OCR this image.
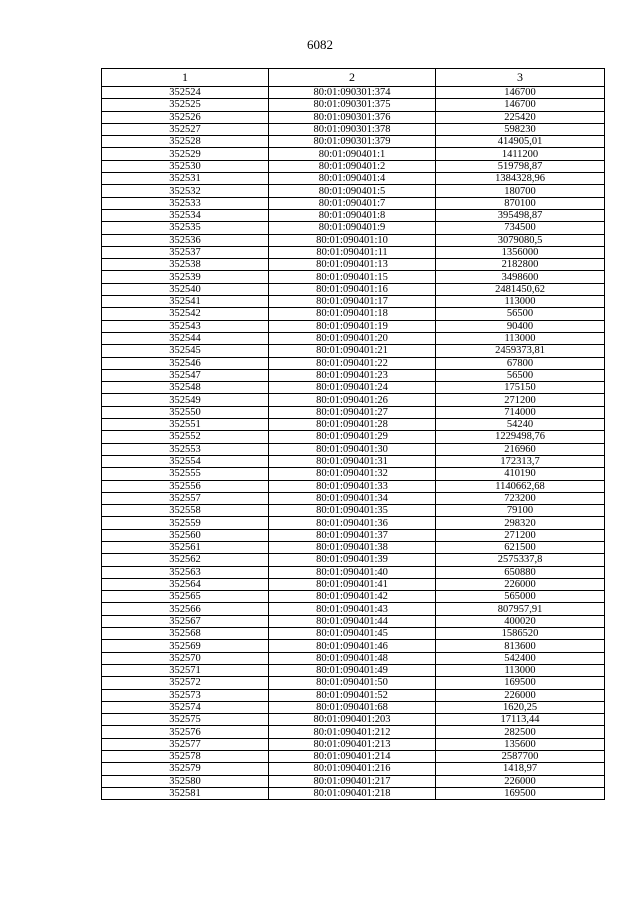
6082
1	2	3
352524	80:01:090301:374	146700
352525	80:01:090301:375	146700
352526	80:01:090301:376	225420
352527	80:01:090301:378	598230
352528	80:01:090301:379	414905,01
352529	80:01:090401:1	1411200
352530	80:01:090401:2	519798,87
352531	80:01:090401:4	1384328,96
352532	80:01:090401:5	180700
352533	80:01:090401:7	870100
352534	80:01:090401:8	395498,87
352535	80:01:090401:9	734500
352536	80:01:090401:10	3079080,5
352537	80:01:090401:11	1356000
352538	80:01:090401:13	2182800
352539	80:01:090401:15	3498600
352540	80:01:090401:16	2481450,62
352541	80:01:090401:17	113000
352542	80:01:090401:18	56500
352543	80:01:090401:19	90400
352544	80:01:090401:20	113000
352545	80:01:090401:21	2459373,81
352546	80:01:090401:22	67800
352547	80:01:090401:23	56500
352548	80:01:090401:24	175150
352549	80:01:090401:26	271200
352550	80:01:090401:27	714000
352551	80:01:090401:28	54240
352552	80:01:090401:29	1229498,76
352553	80:01:090401:30	216960
352554	80:01:090401:31	172313,7
352555	80:01:090401:32	410190
352556	80:01:090401:33	1140662,68
352557	80:01:090401:34	723200
352558	80:01:090401:35	79100
352559	80:01:090401:36	298320
352560	80:01:090401:37	271200
352561	80:01:090401:38	621500
352562	80:01:090401:39	2575337,8
352563	80:01:090401:40	650880
352564	80:01:090401:41	226000
352565	80:01:090401:42	565000
352566	80:01:090401:43	807957,91
352567	80:01:090401:44	400020
352568	80:01:090401:45	1586520
352569	80:01:090401:46	813600
352570	80:01:090401:48	542400
352571	80:01:090401:49	113000
352572	80:01:090401:50	169500
352573	80:01:090401:52	226000
352574	80:01:090401:68	1620,25
352575	80:01:090401:203	17113,44
352576	80:01:090401:212	282500
352577	80:01:090401:213	135600
352578	80:01:090401:214	2587700
352579	80:01:090401:216	1418,97
352580	80:01:090401:217	226000
352581	80:01:090401:218	169500
